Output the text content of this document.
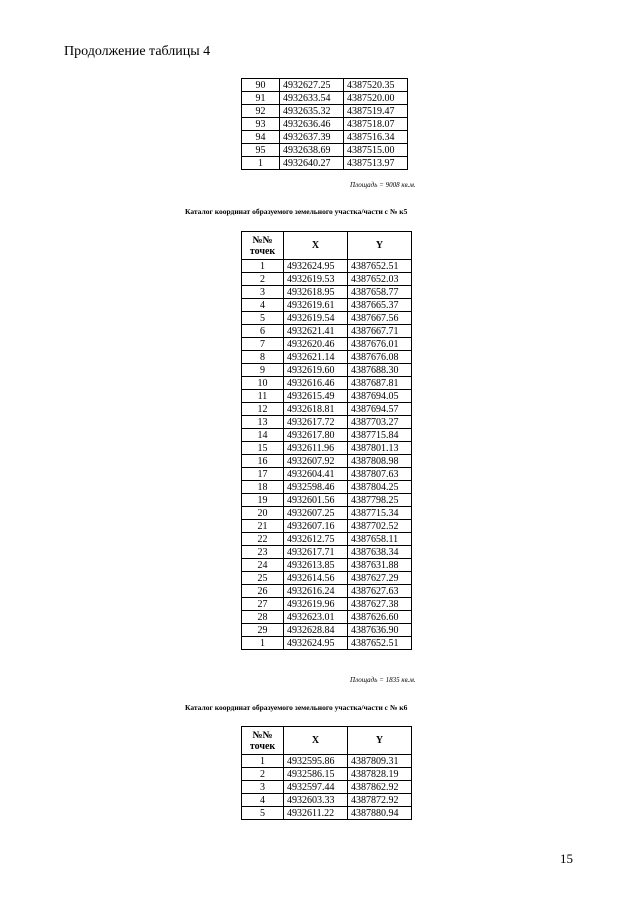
Продолжение таблицы 4
90	4932627.25	4387520.35
91	4932633.54	4387520.00
92	4932635.32	4387519.47
93	4932636.46	4387518.07
94	4932637.39	4387516.34
95	4932638.69	4387515.00
1	4932640.27	4387513.97
Площадь = 9008 кв.м.
Каталог координат образуемого земельного участка/части с № к5
№№
точек	X	Y
1	4932624.95	4387652.51
2	4932619.53	4387652.03
3	4932618.95	4387658.77
4	4932619.61	4387665.37
5	4932619.54	4387667.56
6	4932621.41	4387667.71
7	4932620.46	4387676.01
8	4932621.14	4387676.08
9	4932619.60	4387688.30
10	4932616.46	4387687.81
11	4932615.49	4387694.05
12	4932618.81	4387694.57
13	4932617.72	4387703.27
14	4932617.80	4387715.84
15	4932611.96	4387801.13
16	4932607.92	4387808.98
17	4932604.41	4387807.63
18	4932598.46	4387804.25
19	4932601.56	4387798.25
20	4932607.25	4387715.34
21	4932607.16	4387702.52
22	4932612.75	4387658.11
23	4932617.71	4387638.34
24	4932613.85	4387631.88
25	4932614.56	4387627.29
26	4932616.24	4387627.63
27	4932619.96	4387627.38
28	4932623.01	4387626.60
29	4932628.84	4387636.90
1	4932624.95	4387652.51
Площадь = 1835 кв.м.
Каталог координат образуемого земельного участка/части с № к6
№№
точек	X	Y
1	4932595.86	4387809.31
2	4932586.15	4387828.19
3	4932597.44	4387862.92
4	4932603.33	4387872.92
5	4932611.22	4387880.94
15
